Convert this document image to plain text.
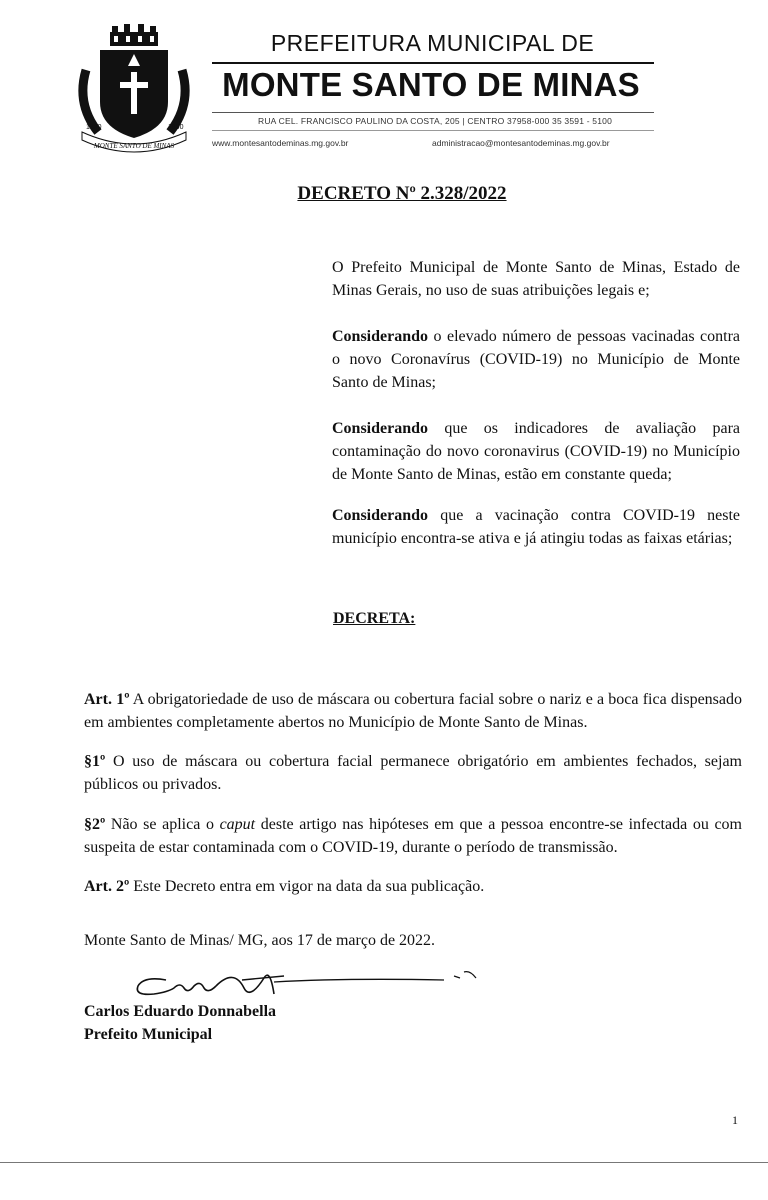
1820	1890
MONTE SANTO DE MINAS
PREFEITURA MUNICIPAL DE
MONTE SANTO DE MINAS
RUA CEL. FRANCISCO PAULINO DA COSTA, 205 | CENTRO 37958-000 35 3591 - 5100
www.montesantodeminas.mg.gov.br	administracao@montesantodeminas.mg.gov.br
DECRETO Nº 2.328/2022
O Prefeito Municipal de Monte Santo de Minas, Estado de Minas Gerais, no uso de suas atribuições legais e;
Considerando o elevado número de pessoas vacinadas contra o novo Coronavírus (COVID-19) no Município de Monte Santo de Minas;
Considerando que os indicadores de avaliação para contaminação do novo coronavirus (COVID-19) no Município de Monte Santo de Minas, estão em constante queda;
Considerando que a vacinação contra COVID-19 neste município encontra-se ativa e já atingiu todas as faixas etárias;
DECRETA:
Art. 1º A obrigatoriedade de uso de máscara ou cobertura facial sobre o nariz e a boca fica dispensado em ambientes completamente abertos no Município de Monte Santo de Minas.
§1º O uso de máscara ou cobertura facial permanece obrigatório em ambientes fechados, sejam públicos ou privados.
§2º Não se aplica o caput deste artigo nas hipóteses em que a pessoa encontre-se infectada ou com suspeita de estar contaminada com o COVID-19, durante o período de transmissão.
Art. 2º Este Decreto entra em vigor na data da sua publicação.
Monte Santo de Minas/ MG, aos 17 de março de 2022.
Carlos Eduardo Donnabella
Prefeito Municipal
1
